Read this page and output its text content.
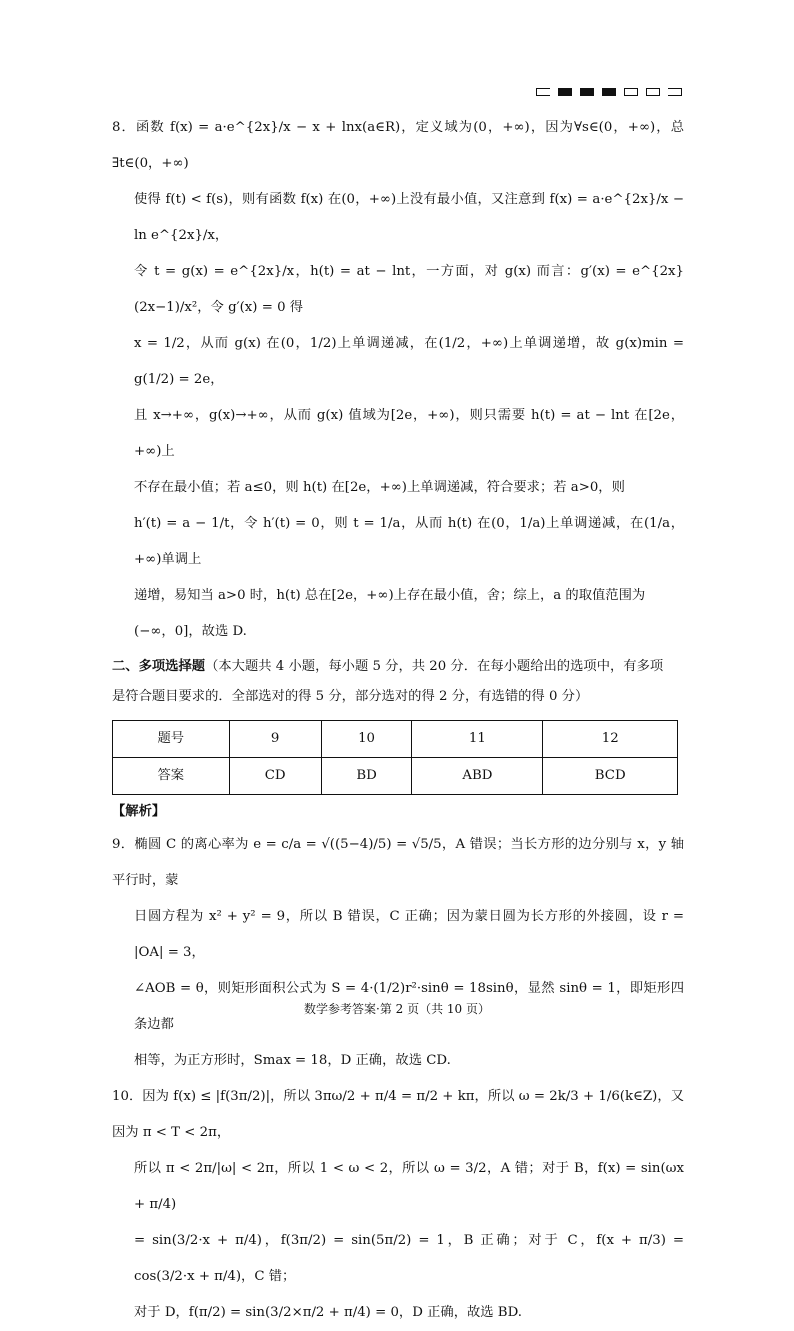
8．函数 f(x) = a·e^{2x}/x − x + lnx(a∈R)，定义域为(0，+∞)，因为∀s∈(0，+∞)，总∃t∈(0，+∞)

使得 f(t) < f(s)，则有函数 f(x) 在(0，+∞)上没有最小值，又注意到 f(x) = a·e^{2x}/x − ln e^{2x}/x，

令 t = g(x) = e^{2x}/x，h(t) = at − lnt，一方面，对 g(x) 而言：g′(x) = e^{2x}(2x−1)/x²，令 g′(x) = 0 得

x = 1/2，从而 g(x) 在(0，1/2)上单调递减，在(1/2，+∞)上单调递增，故 g(x)min = g(1/2) = 2e，

且 x→+∞，g(x)→+∞，从而 g(x) 值域为[2e，+∞)，则只需要 h(t) = at − lnt 在[2e，+∞)上

不存在最小值；若 a≤0，则 h(t) 在[2e，+∞)上单调递减，符合要求；若 a>0，则

h′(t) = a − 1/t，令 h′(t) = 0，则 t = 1/a，从而 h(t) 在(0，1/a)上单调递减，在(1/a，+∞)单调上

递增，易知当 a>0 时，h(t) 总在[2e，+∞)上存在最小值，舍；综上，a 的取值范围为

(−∞，0]，故选 D.

二、多项选择题（本大题共 4 小题，每小题 5 分，共 20 分．在每小题给出的选项中，有多项
是符合题目要求的．全部选对的得 5 分，部分选对的得 2 分，有选错的得 0 分）
题号	9	10	11	12
答案	CD	BD	ABD	BCD
【解析】

9．椭圆 C 的离心率为 e = c/a = √((5−4)/5) = √5/5，A 错误；当长方形的边分别与 x，y 轴平行时，蒙

日圆方程为 x² + y² = 9，所以 B 错误，C 正确；因为蒙日圆为长方形的外接圆，设 r = |OA| = 3，

∠AOB = θ，则矩形面积公式为 S = 4·(1/2)r²·sinθ = 18sinθ，显然 sinθ = 1，即矩形四条边都

相等，为正方形时，Smax = 18，D 正确，故选 CD.

10．因为 f(x) ≤ |f(3π/2)|，所以 3πω/2 + π/4 = π/2 + kπ，所以 ω = 2k/3 + 1/6(k∈Z)，又因为 π < T < 2π，

所以 π < 2π/|ω| < 2π，所以 1 < ω < 2，所以 ω = 3/2，A 错；对于 B，f(x) = sin(ωx + π/4)

= sin(3/2·x + π/4)，f(3π/2) = sin(5π/2) = 1，B 正确；对于 C，f(x + π/3) = cos(3/2·x + π/4)，C 错；

对于 D，f(π/2) = sin(3/2×π/2 + π/4) = 0，D 正确，故选 BD.

数学参考答案·第 2 页（共 10 页）
